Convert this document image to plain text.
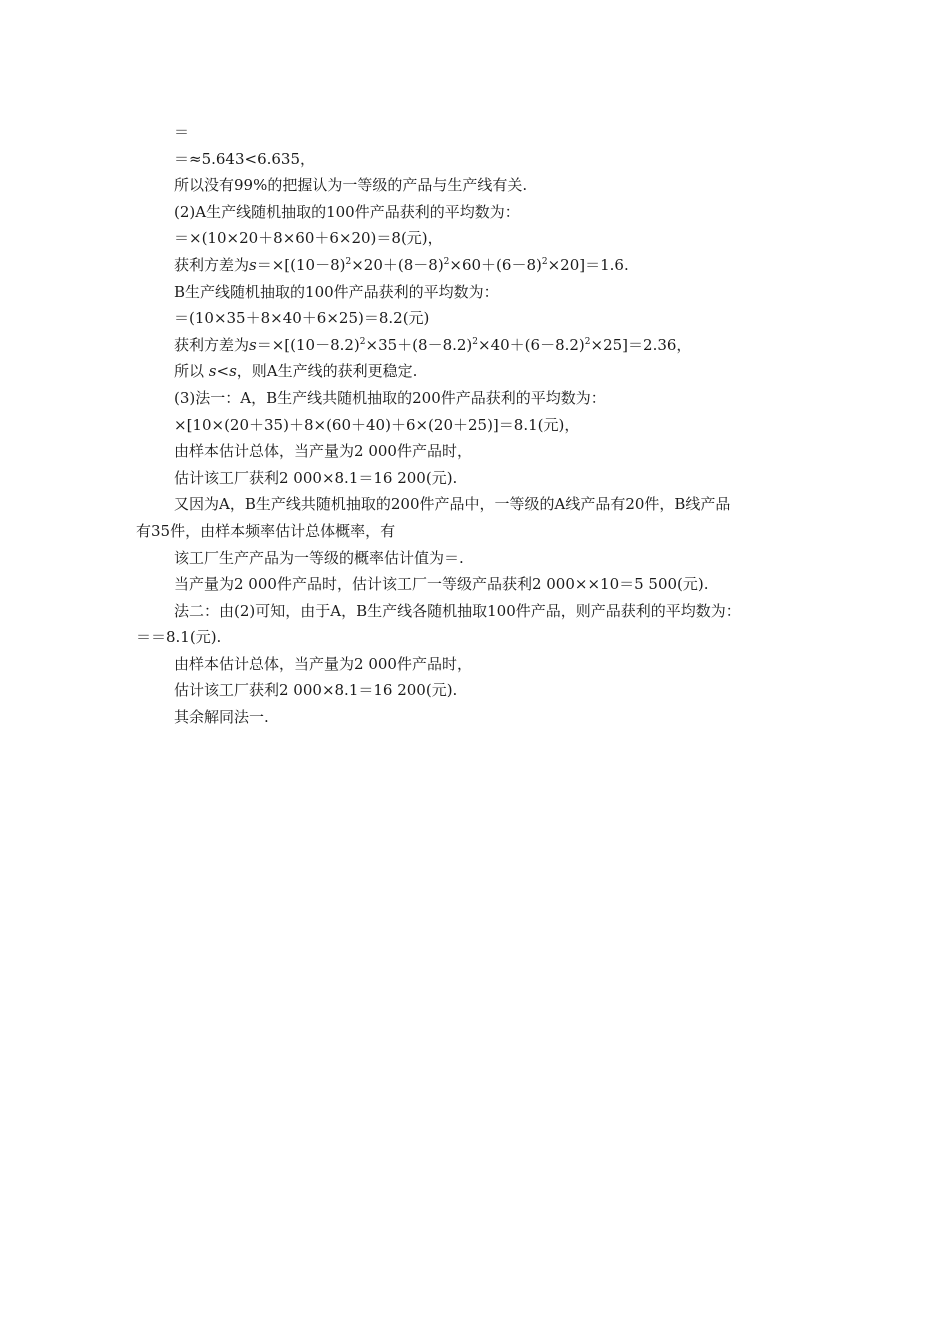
＝
＝≈5.643<6.635，
所以没有99%的把握认为一等级的产品与生产线有关.
(2)A生产线随机抽取的100件产品获利的平均数为：
＝×(10×20＋8×60＋6×20)＝8(元)，
获利方差为$s=\times[(10-8)^2\times 20+(8-8)^2\times 60+(6-8)^2\times 20]=1.6$.
B生产线随机抽取的100件产品获利的平均数为：
＝(10×35＋8×40＋6×25)＝8.2(元)
获利方差为$s=\times[(10-8.2)^2\times 35+(8-8.2)^2\times 40+(6-8.2)^2\times 25]=2.36$，
所以 s<s，则A生产线的获利更稳定.
(3)法一：A，B生产线共随机抽取的200件产品获利的平均数为：
×[10×(20＋35)＋8×(60＋40)＋6×(20＋25)]＝8.1(元)，
由样本估计总体，当产量为2 000件产品时，
估计该工厂获利2 000×8.1＝16 200(元).
又因为A，B生产线共随机抽取的200件产品中，一等级的A线产品有20件，B线产品
有35件，由样本频率估计总体概率，有
该工厂生产产品为一等级的概率估计值为＝.
当产量为2 000件产品时，估计该工厂一等级产品获利2 000××10＝5 500(元).
法二：由(2)可知，由于A，B生产线各随机抽取100件产品，则产品获利的平均数为：
＝＝8.1(元).
由样本估计总体，当产量为2 000件产品时，
估计该工厂获利2 000×8.1＝16 200(元).
其余解同法一.
